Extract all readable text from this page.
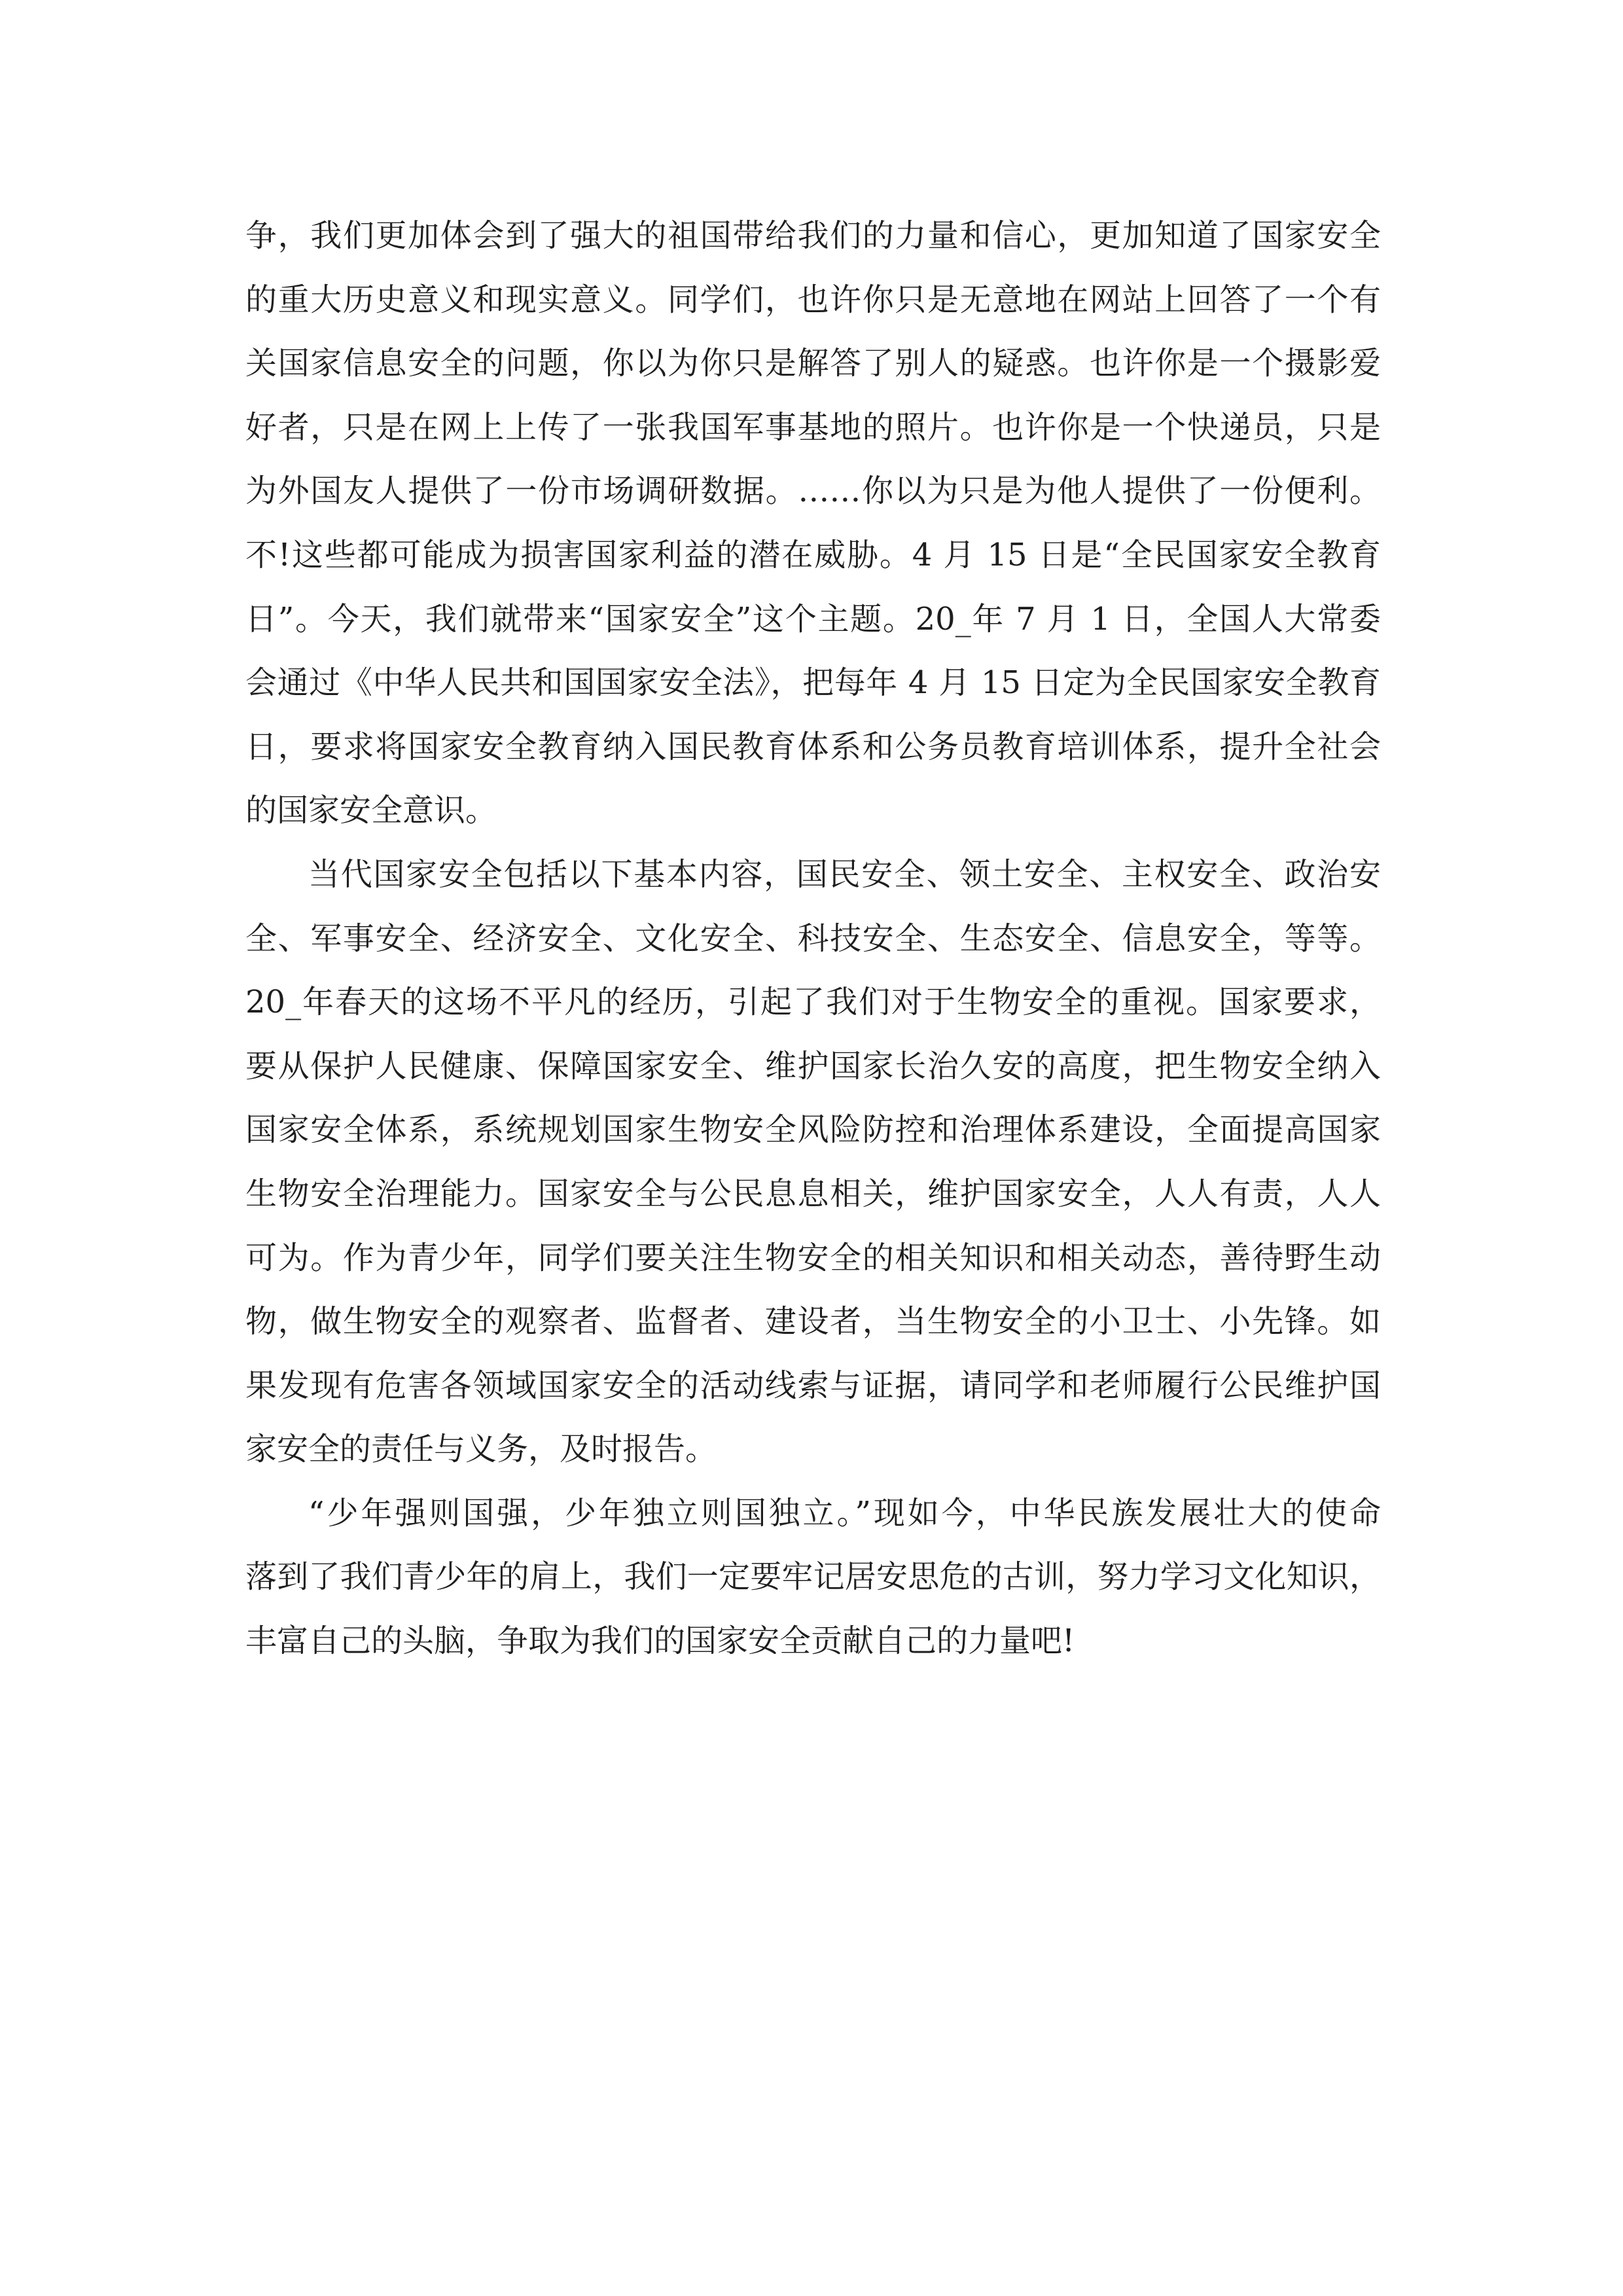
争，我们更加体会到了强大的祖国带给我们的力量和信心，更加知道了国家安全
的重大历史意义和现实意义。同学们，也许你只是无意地在网站上回答了一个有
关国家信息安全的问题，你以为你只是解答了别人的疑惑。也许你是一个摄影爱
好者，只是在网上上传了一张我国军事基地的照片。也许你是一个快递员，只是
为外国友人提供了一份市场调研数据。……你以为只是为他人提供了一份便利。
不!这些都可能成为损害国家利益的潜在威胁。4 月 15 日是“全民国家安全教育
日”。今天，我们就带来“国家安全”这个主题。20_年 7 月 1 日，全国人大常委
会通过《中华人民共和国国家安全法》，把每年 4 月 15 日定为全民国家安全教育
日，要求将国家安全教育纳入国民教育体系和公务员教育培训体系，提升全社会
的国家安全意识。
当代国家安全包括以下基本内容，国民安全、领土安全、主权安全、政治安
全、军事安全、经济安全、文化安全、科技安全、生态安全、信息安全，等等。
20_年春天的这场不平凡的经历，引起了我们对于生物安全的重视。国家要求，
要从保护人民健康、保障国家安全、维护国家长治久安的高度，把生物安全纳入
国家安全体系，系统规划国家生物安全风险防控和治理体系建设，全面提高国家
生物安全治理能力。国家安全与公民息息相关，维护国家安全，人人有责，人人
可为。作为青少年，同学们要关注生物安全的相关知识和相关动态，善待野生动
物，做生物安全的观察者、监督者、建设者，当生物安全的小卫士、小先锋。如
果发现有危害各领域国家安全的活动线索与证据，请同学和老师履行公民维护国
家安全的责任与义务，及时报告。
“少年强则国强，少年独立则国独立。”现如今，中华民族发展壮大的使命
落到了我们青少年的肩上，我们一定要牢记居安思危的古训，努力学习文化知识，
丰富自己的头脑，争取为我们的国家安全贡献自己的力量吧!
